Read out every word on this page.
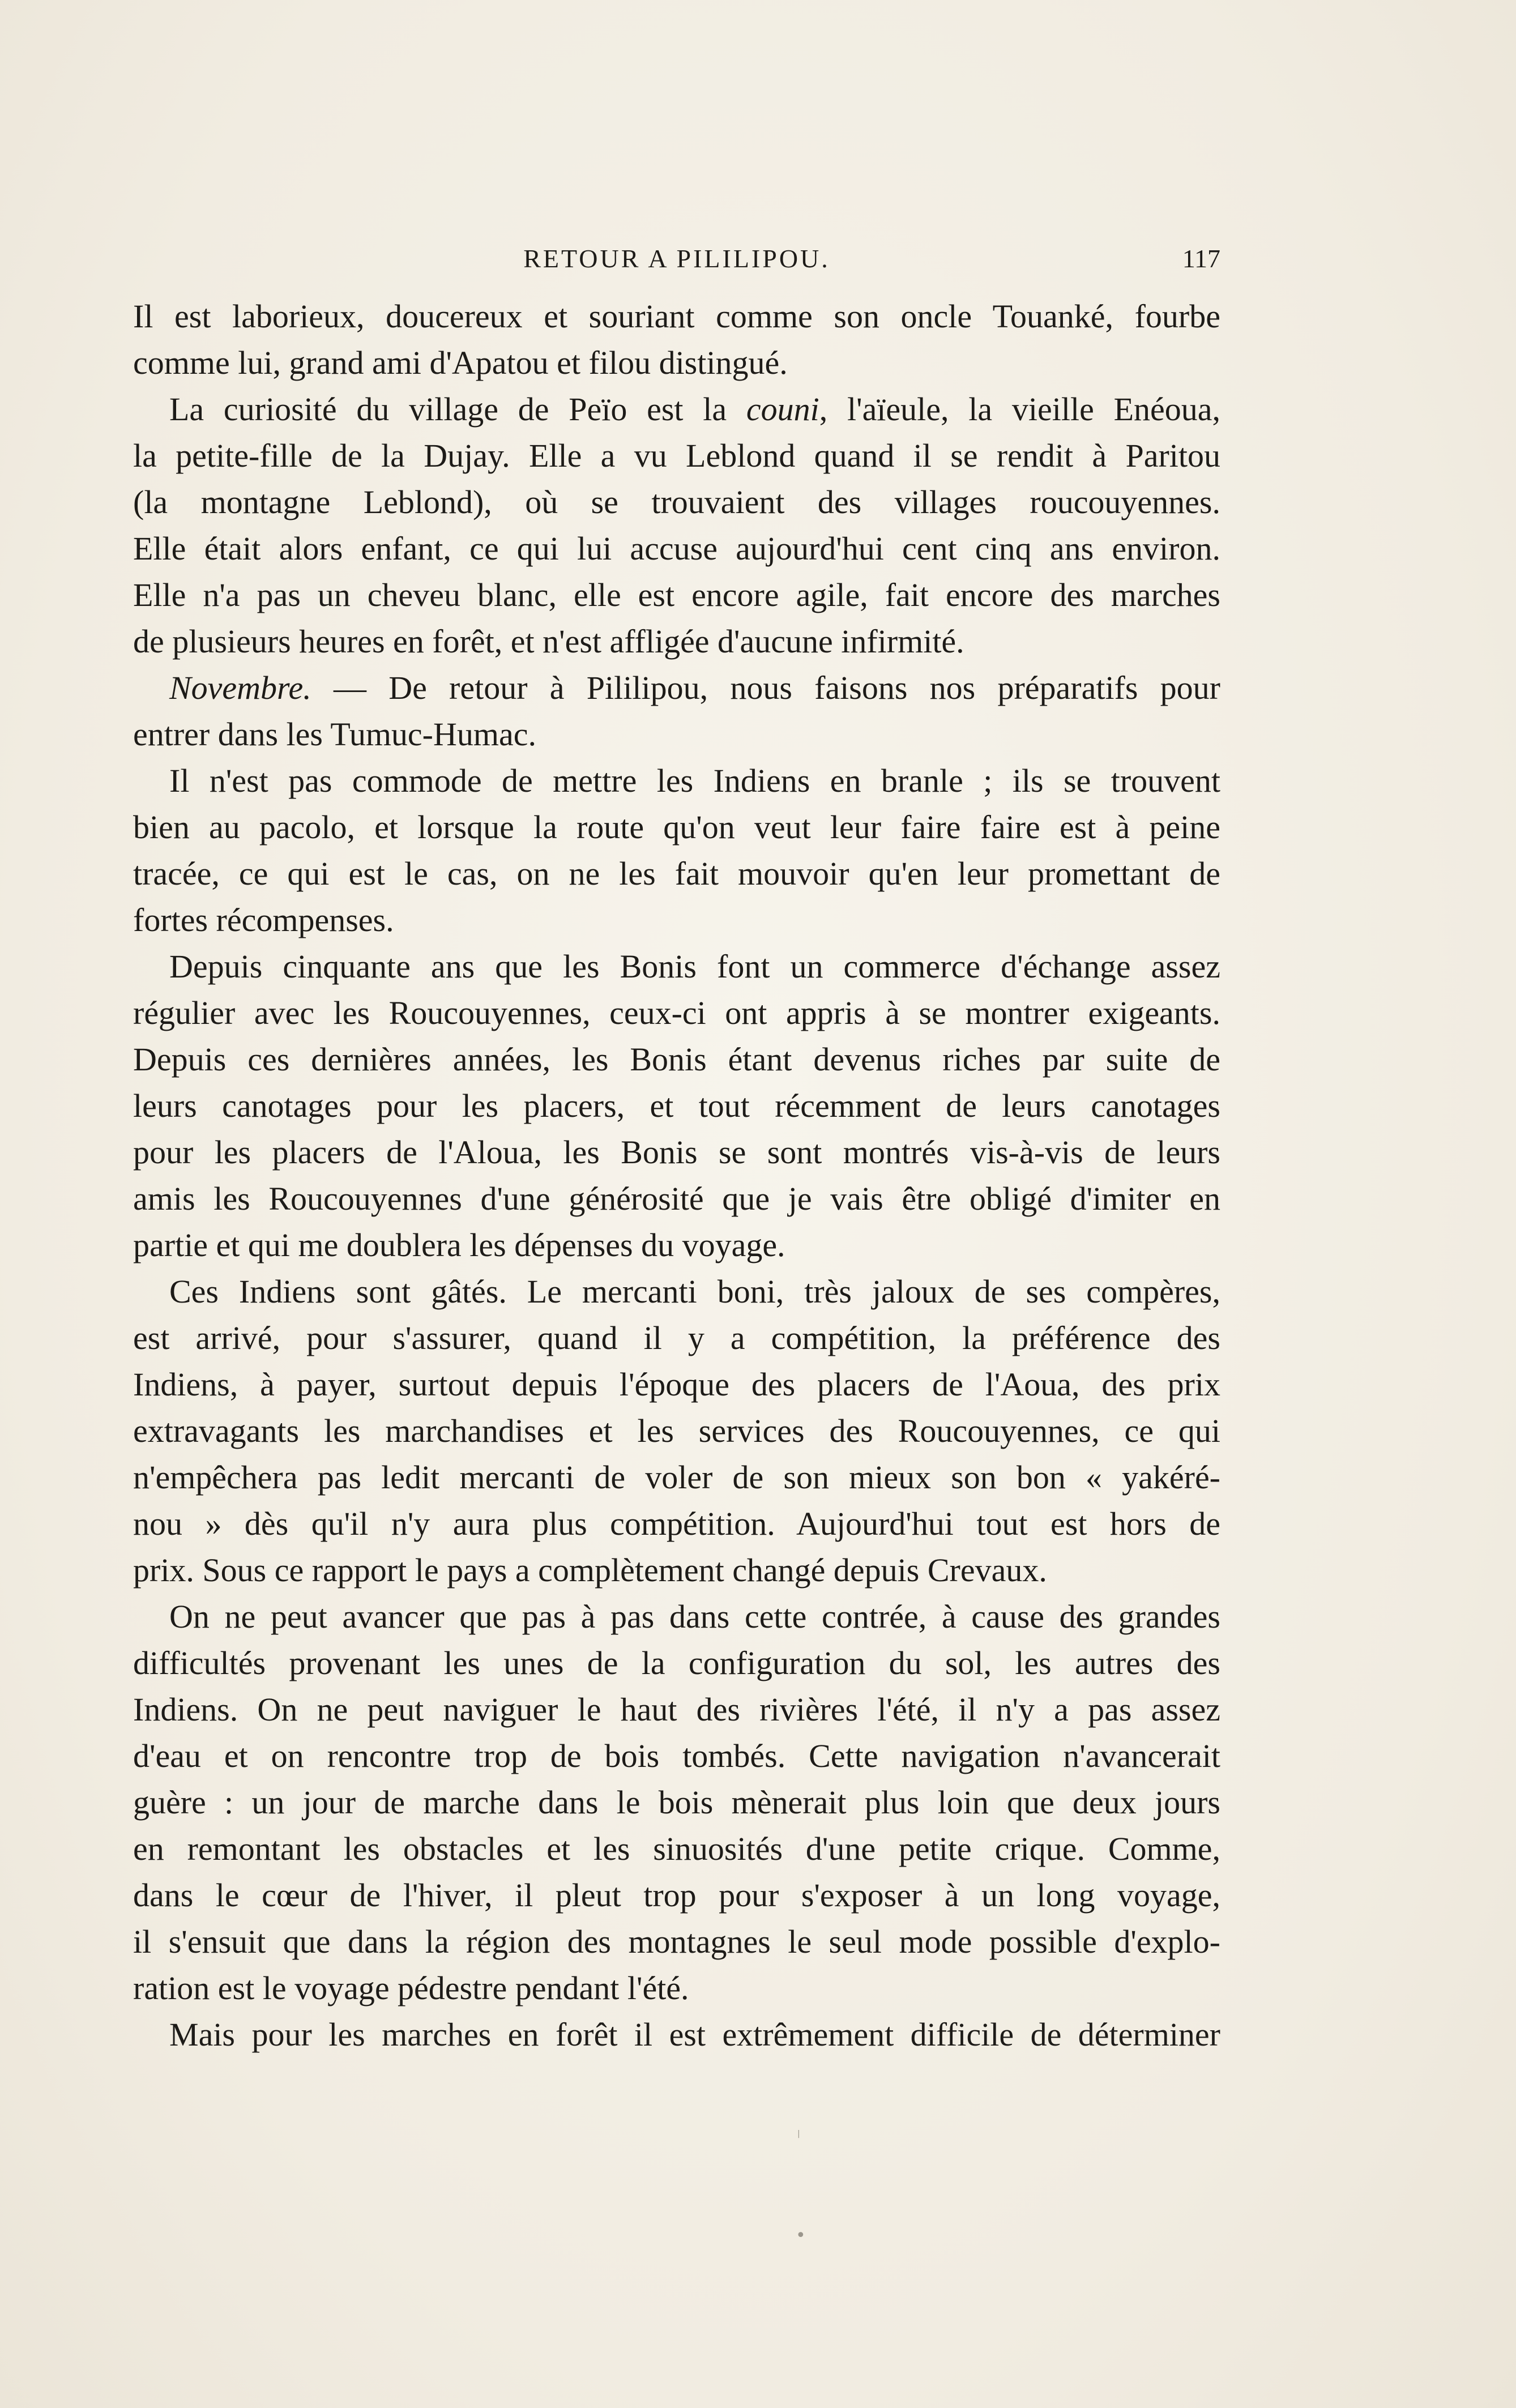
RETOUR A PILILIPOU.	117
Il est laborieux, doucereux et souriant comme son oncle Touanké, fourbe
comme lui, grand ami d'Apatou et filou distingué.
La curiosité du village de Peïo est la couni, l'aïeule, la vieille Enéoua,
la petite-fille de la Dujay. Elle a vu Leblond quand il se rendit à Paritou
(la montagne Leblond), où se trouvaient des villages roucouyennes.
Elle était alors enfant, ce qui lui accuse aujourd'hui cent cinq ans environ.
Elle n'a pas un cheveu blanc, elle est encore agile, fait encore des marches
de plusieurs heures en forêt, et n'est affligée d'aucune infirmité.
Novembre. — De retour à Pililipou, nous faisons nos préparatifs pour
entrer dans les Tumuc-Humac.
Il n'est pas commode de mettre les Indiens en branle ; ils se trouvent
bien au pacolo, et lorsque la route qu'on veut leur faire faire est à peine
tracée, ce qui est le cas, on ne les fait mouvoir qu'en leur promettant de
fortes récompenses.
Depuis cinquante ans que les Bonis font un commerce d'échange assez
régulier avec les Roucouyennes, ceux-ci ont appris à se montrer exigeants.
Depuis ces dernières années, les Bonis étant devenus riches par suite de
leurs canotages pour les placers, et tout récemment de leurs canotages
pour les placers de l'Aloua, les Bonis se sont montrés vis-à-vis de leurs
amis les Roucouyennes d'une générosité que je vais être obligé d'imiter en
partie et qui me doublera les dépenses du voyage.
Ces Indiens sont gâtés. Le mercanti boni, très jaloux de ses compères,
est arrivé, pour s'assurer, quand il y a compétition, la préférence des
Indiens, à payer, surtout depuis l'époque des placers de l'Aoua, des prix
extravagants les marchandises et les services des Roucouyennes, ce qui
n'empêchera pas ledit mercanti de voler de son mieux son bon « yakéré-
nou » dès qu'il n'y aura plus compétition. Aujourd'hui tout est hors de
prix. Sous ce rapport le pays a complètement changé depuis Crevaux.
On ne peut avancer que pas à pas dans cette contrée, à cause des grandes
difficultés provenant les unes de la configuration du sol, les autres des
Indiens. On ne peut naviguer le haut des rivières l'été, il n'y a pas assez
d'eau et on rencontre trop de bois tombés. Cette navigation n'avancerait
guère : un jour de marche dans le bois mènerait plus loin que deux jours
en remontant les obstacles et les sinuosités d'une petite crique. Comme,
dans le cœur de l'hiver, il pleut trop pour s'exposer à un long voyage,
il s'ensuit que dans la région des montagnes le seul mode possible d'explo-
ration est le voyage pédestre pendant l'été.
Mais pour les marches en forêt il est extrêmement difficile de déterminer
•
|
